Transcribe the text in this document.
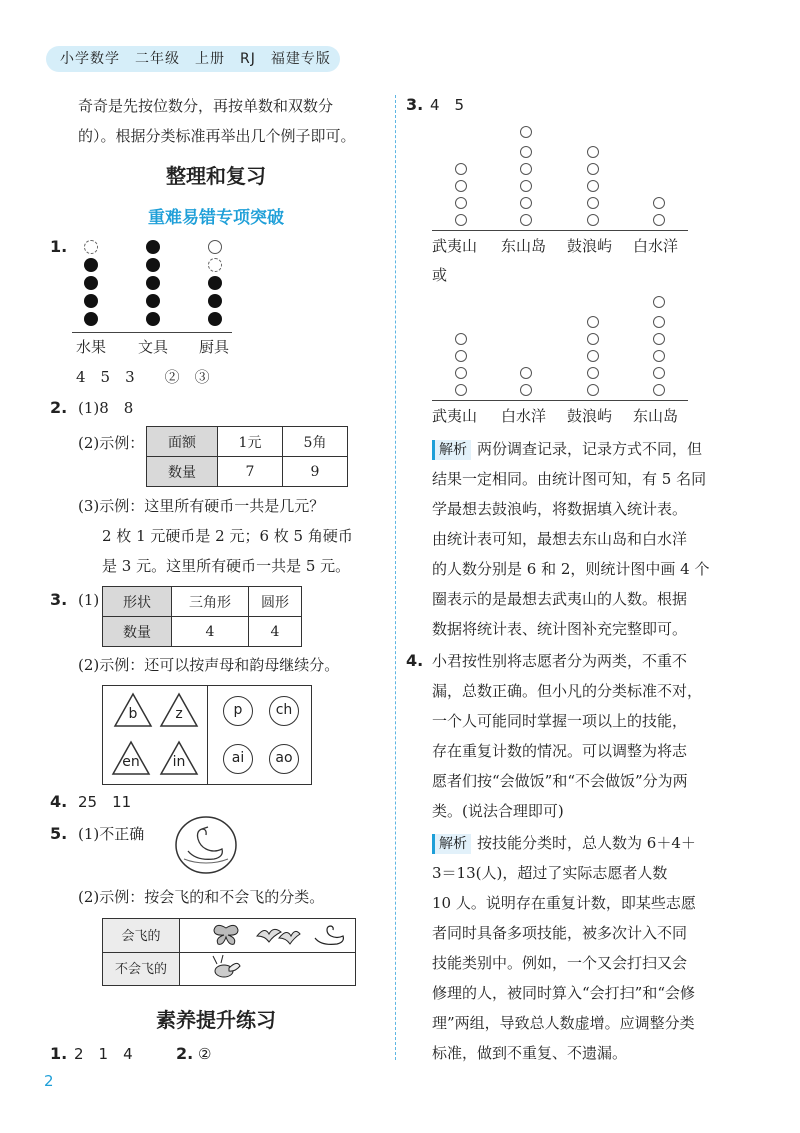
小学数学　二年级　上册　RJ　福建专版
2
奇奇是先按位数分，再按单数和双数分
的）。根据分类标准再举出几个例子即可。
整理和复习
重难易错专项突破
1.
水果 文具 厨具
4　5　3　　②　③
2. (1)8　8
(2)示例： 面额	1元	5角
数量	7	9
(3)示例：这里所有硬币一共是几元？
2 枚 1 元硬币是 2 元；6 枚 5 角硬币
是 3 元。这里所有硬币一共是 5 元。
3. (1) 形状	三角形	圆形
数量	4	4
(2)示例：还可以按声母和韵母继续分。
b	z
en	in
p	ch
ai	ao
4. 25　11
5. (1)不正确
(2)示例：按会飞的和不会飞的分类。
会飞的
不会飞的
素养提升练习
1. 2　1　4	2. ②
3. 4　5
武夷山 东山岛 鼓浪屿 白水洋
或
武夷山 白水洋 鼓浪屿 东山岛
解析 两份调查记录，记录方式不同，但
结果一定相同。由统计图可知，有 5 名同
学最想去鼓浪屿，将数据填入统计表。
由统计表可知，最想去东山岛和白水洋
的人数分别是 6 和 2，则统计图中画 4 个
圈表示的是最想去武夷山的人数。根据
数据将统计表、统计图补充完整即可。
4. 小君按性别将志愿者分为两类，不重不
漏，总数正确。但小凡的分类标准不对，
一个人可能同时掌握一项以上的技能，
存在重复计数的情况。可以调整为将志
愿者们按“会做饭”和“不会做饭”分为两
类。(说法合理即可)
解析 按技能分类时，总人数为 6＋4＋
3＝13(人)，超过了实际志愿者人数
10 人。说明存在重复计数，即某些志愿
者同时具备多项技能，被多次计入不同
技能类别中。例如，一个又会打扫又会
修理的人，被同时算入“会打扫”和“会修
理”两组，导致总人数虚增。应调整分类
标准，做到不重复、不遗漏。
